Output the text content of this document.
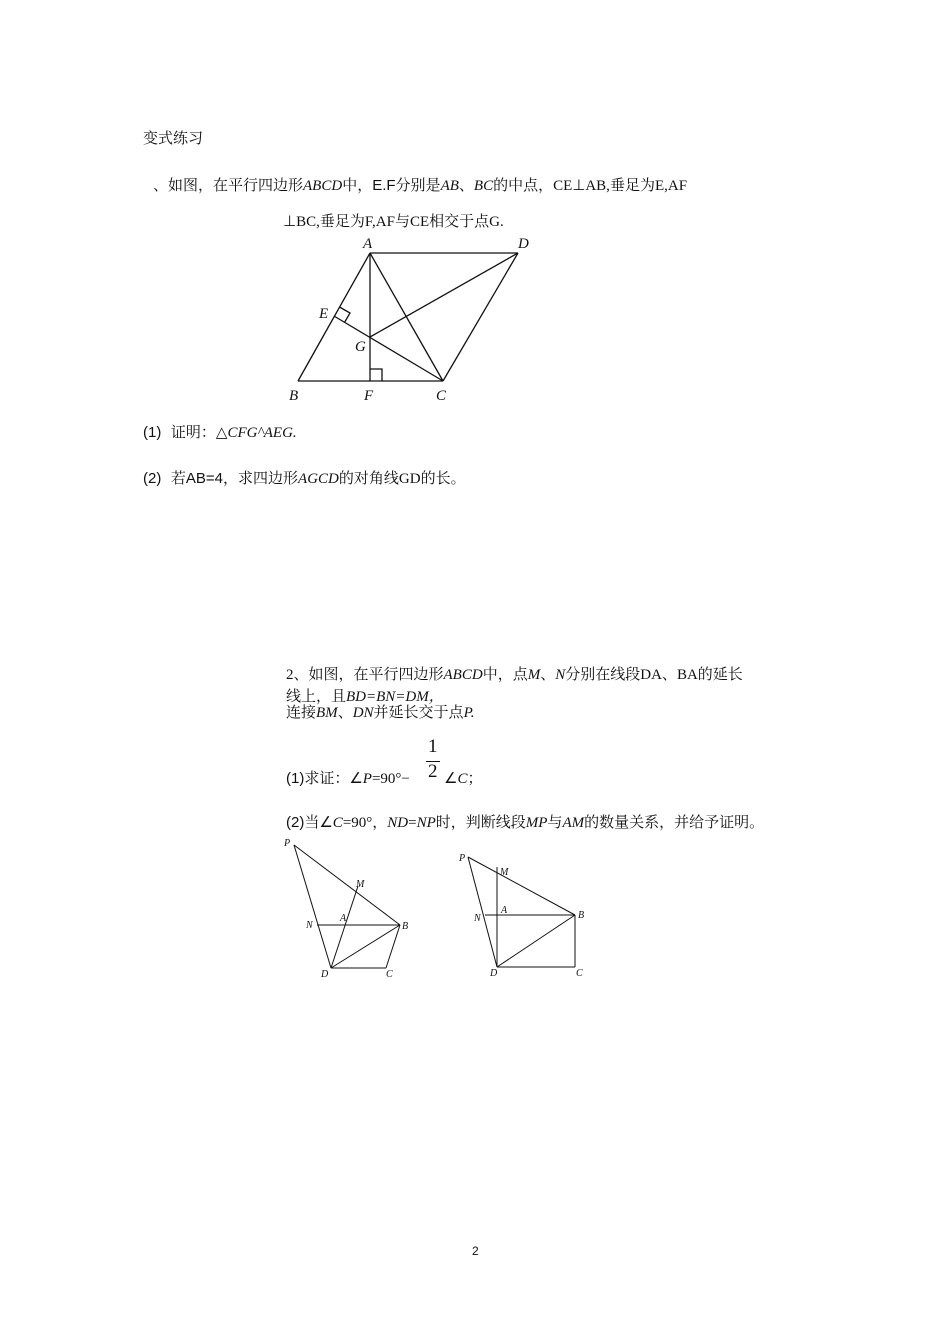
变式练习
、如图，在平行四边形ABCD中，E.F分别是AB、BC的中点，CE⊥AB,垂足为E,AF
⊥BC,垂足为F,AF与CE相交于点G.
A	D
E
G
B	F	C
(1) 证明：△CFG^AEG.
(2) 若AB=4，求四边形AGCD的对角线GD的长。
2、如图，在平行四边形ABCD中，点M、N分别在线段DA、BA的延长
线上，且BD=BN=DM，
连接BM、DN并延长交于点P.
1
2
(1)求证：∠P=90°− ∠C；
(2)当∠C=90°，ND=NP时，判断线段MP与AM的数量关系，并给予证明。
P
M
N
A
B
D	C
P
M
N
A	B
D	C
2
